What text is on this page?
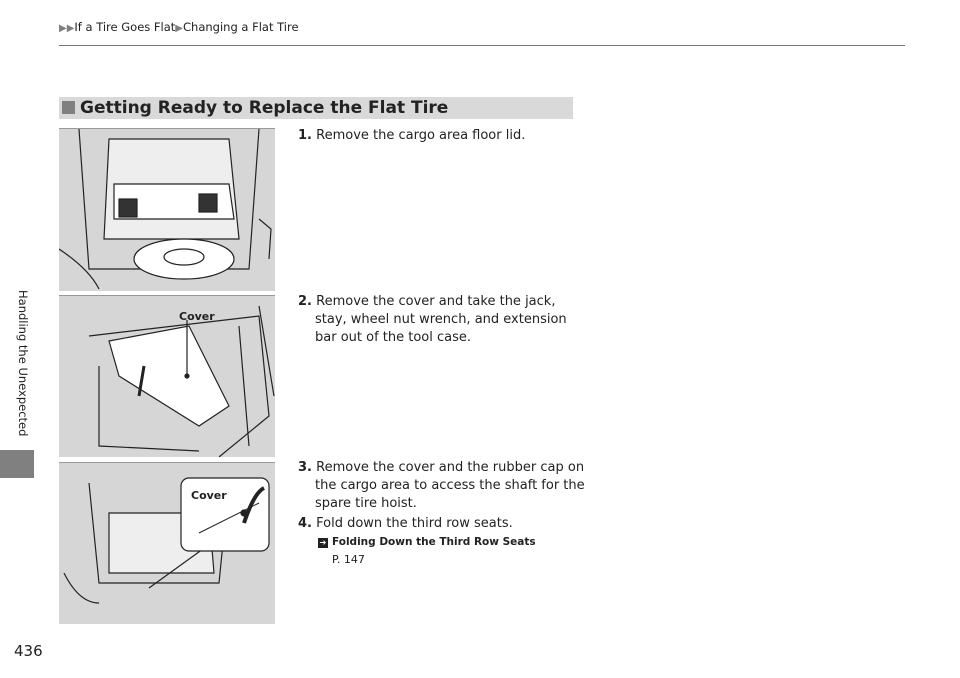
▶▶If a Tire Goes Flat▶Changing a Flat Tire
Handling the Unexpected
436
Getting Ready to Replace the Flat Tire
Cover
Cover
1. Remove the cargo area floor lid.
2. Remove the cover and take the jack, stay, wheel nut wrench, and extension bar out of the tool case.
3. Remove the cover and the rubber cap on the cargo area to access the shaft for the spare tire hoist.
4. Fold down the third row seats.
➔ Folding Down the Third Row Seats
P. 147
